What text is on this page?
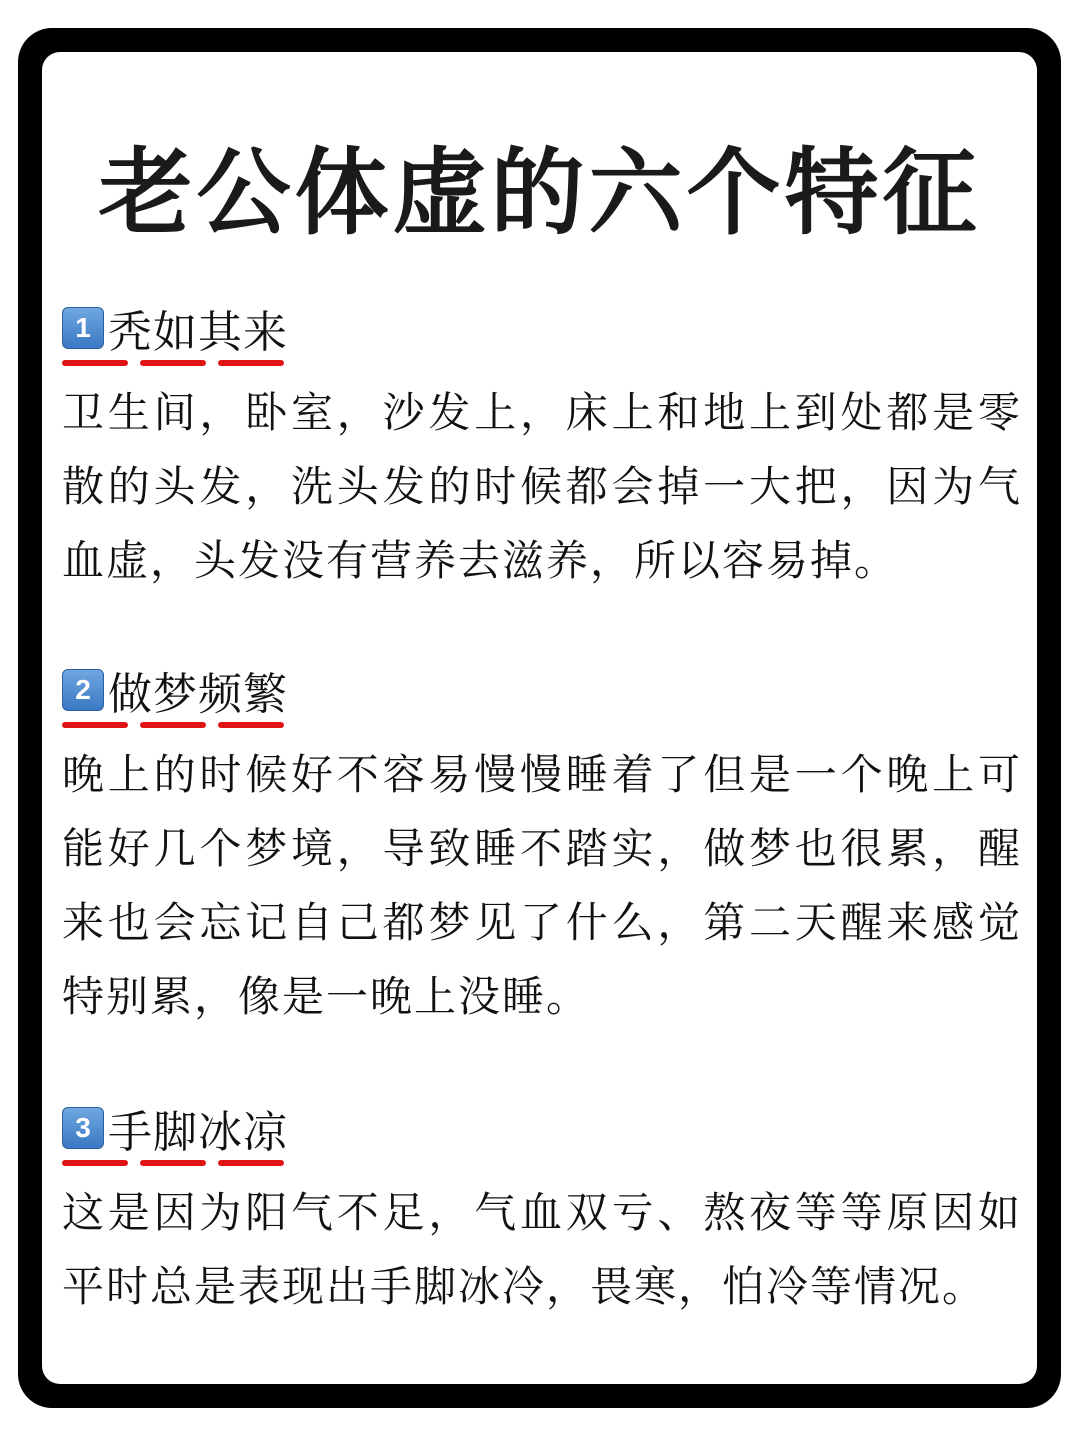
老公体虚的六个特征
1 秃如其来
卫生间，卧室，沙发上，床上和地上到处都是零散的头发，洗头发的时候都会掉一大把，因为气血虚，头发没有营养去滋养，所以容易掉。
2 做梦频繁
晚上的时候好不容易慢慢睡着了但是一个晚上可能好几个梦境，导致睡不踏实，做梦也很累，醒来也会忘记自己都梦见了什么，第二天醒来感觉特别累，像是一晚上没睡。
3 手脚冰凉
这是因为阳气不足，气血双亏、熬夜等等原因如平时总是表现出手脚冰冷，畏寒，怕冷等情况。
